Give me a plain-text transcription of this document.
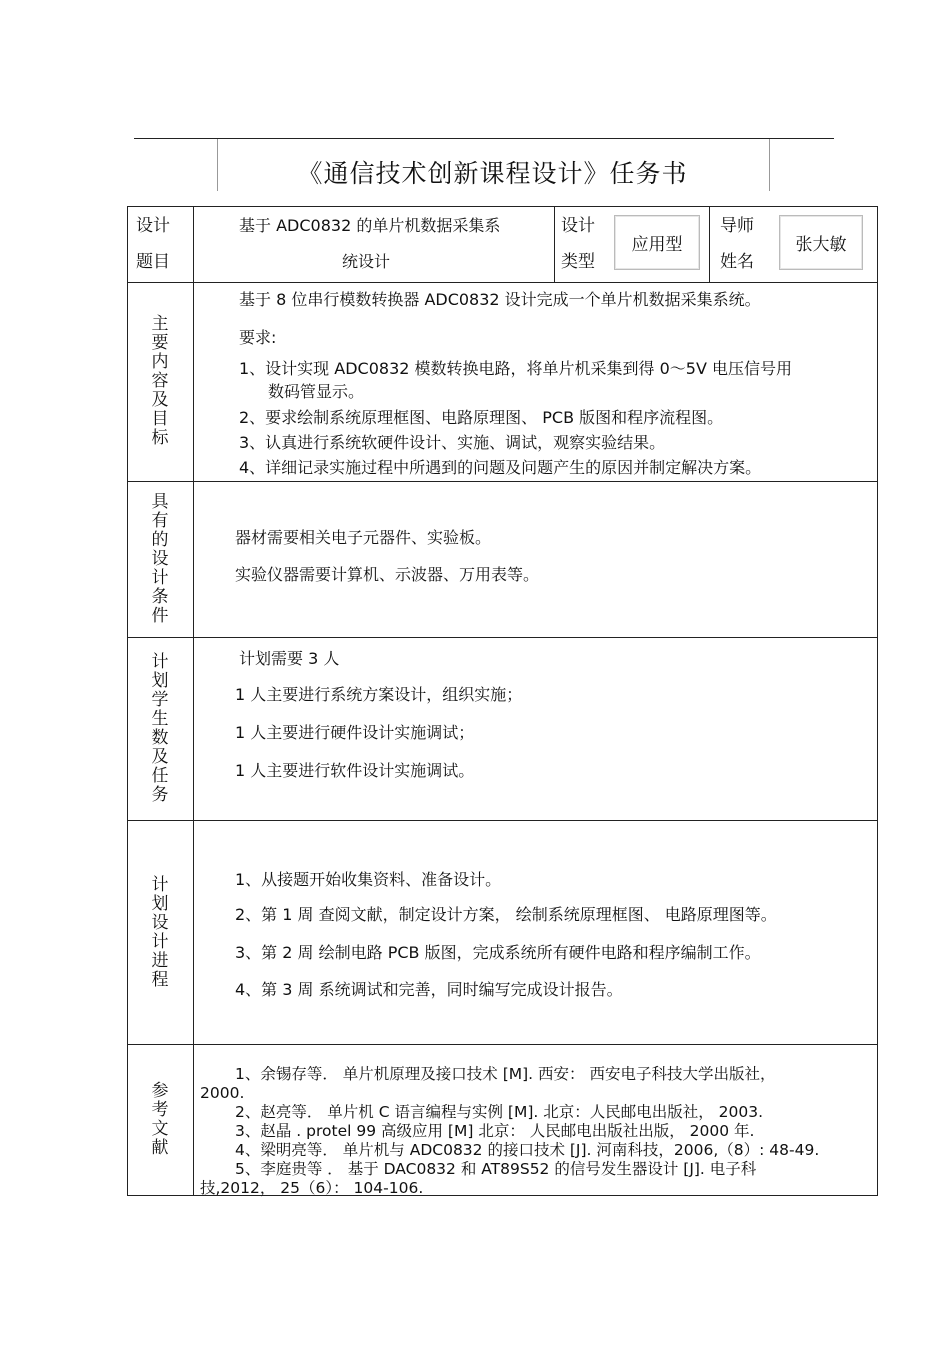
《通信技术创新课程设计》任务书
设计
题目
基于 ADC0832 的单片机数据采集系
统设计
设计
类型
应用型
导师
姓名
张大敏
主要内容及目标
基于 8 位串行模数转换器 ADC0832 设计完成一个单片机数据采集系统。
要求:
1、设计实现 ADC0832 模数转换电路，将单片机采集到得 0～5V 电压信号用
数码管显示。
2、要求绘制系统原理框图、电路原理图、 PCB 版图和程序流程图。
3、认真进行系统软硬件设计、实施、调试，观察实验结果。
4、详细记录实施过程中所遇到的问题及问题产生的原因并制定解决方案。
具有的设计条件
器材需要相关电子元器件、实验板。
实验仪器需要计算机、示波器、万用表等。
计划学生数及任务
计划需要 3 人
1 人主要进行系统方案设计，组织实施；
1 人主要进行硬件设计实施调试；
1 人主要进行软件设计实施调试。
计划设计进程
1、从接题开始收集资料、准备设计。
2、第 1 周 查阅文献，制定设计方案， 绘制系统原理框图、 电路原理图等。
3、第 2 周 绘制电路 PCB 版图，完成系统所有硬件电路和程序编制工作。
4、第 3 周 系统调试和完善，同时编写完成设计报告。
参考文献
1、余锡存等． 单片机原理及接口技术 [M]. 西安： 西安电子科技大学出版社，
2000.
2、赵亮等． 单片机 C 语言编程与实例 [M]. 北京：人民邮电出版社， 2003.
3、赵晶 . protel 99 高级应用 [M] 北京： 人民邮电出版社出版， 2000 年.
4、梁明亮等． 单片机与 ADC0832 的接口技术 [J]. 河南科技，2006,（8）: 48-49.
5、李庭贵等 ． 基于 DAC0832 和 AT89S52 的信号发生器设计 [J]. 电子科
技,2012， 25（6）： 104-106.
